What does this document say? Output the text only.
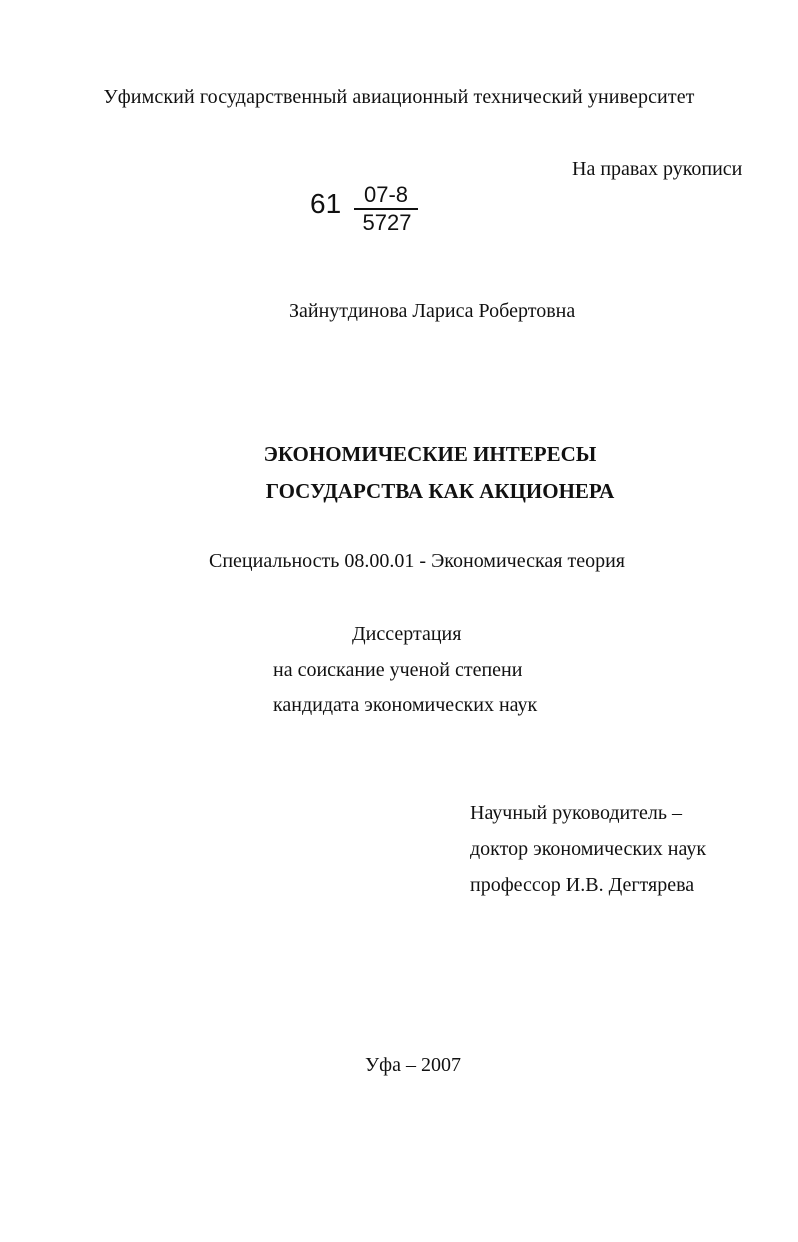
Уфимский государственный авиационный технический университет
На правах рукописи
61	07-8
5727
Зайнутдинова Лариса Робертовна
ЭКОНОМИЧЕСКИЕ ИНТЕРЕСЫ
ГОСУДАРСТВА КАК АКЦИОНЕРА
Специальность 08.00.01 - Экономическая теория
Диссертация
на соискание ученой степени
кандидата экономических наук
Научный руководитель –
доктор экономических наук
профессор И.В. Дегтярева
Уфа – 2007
